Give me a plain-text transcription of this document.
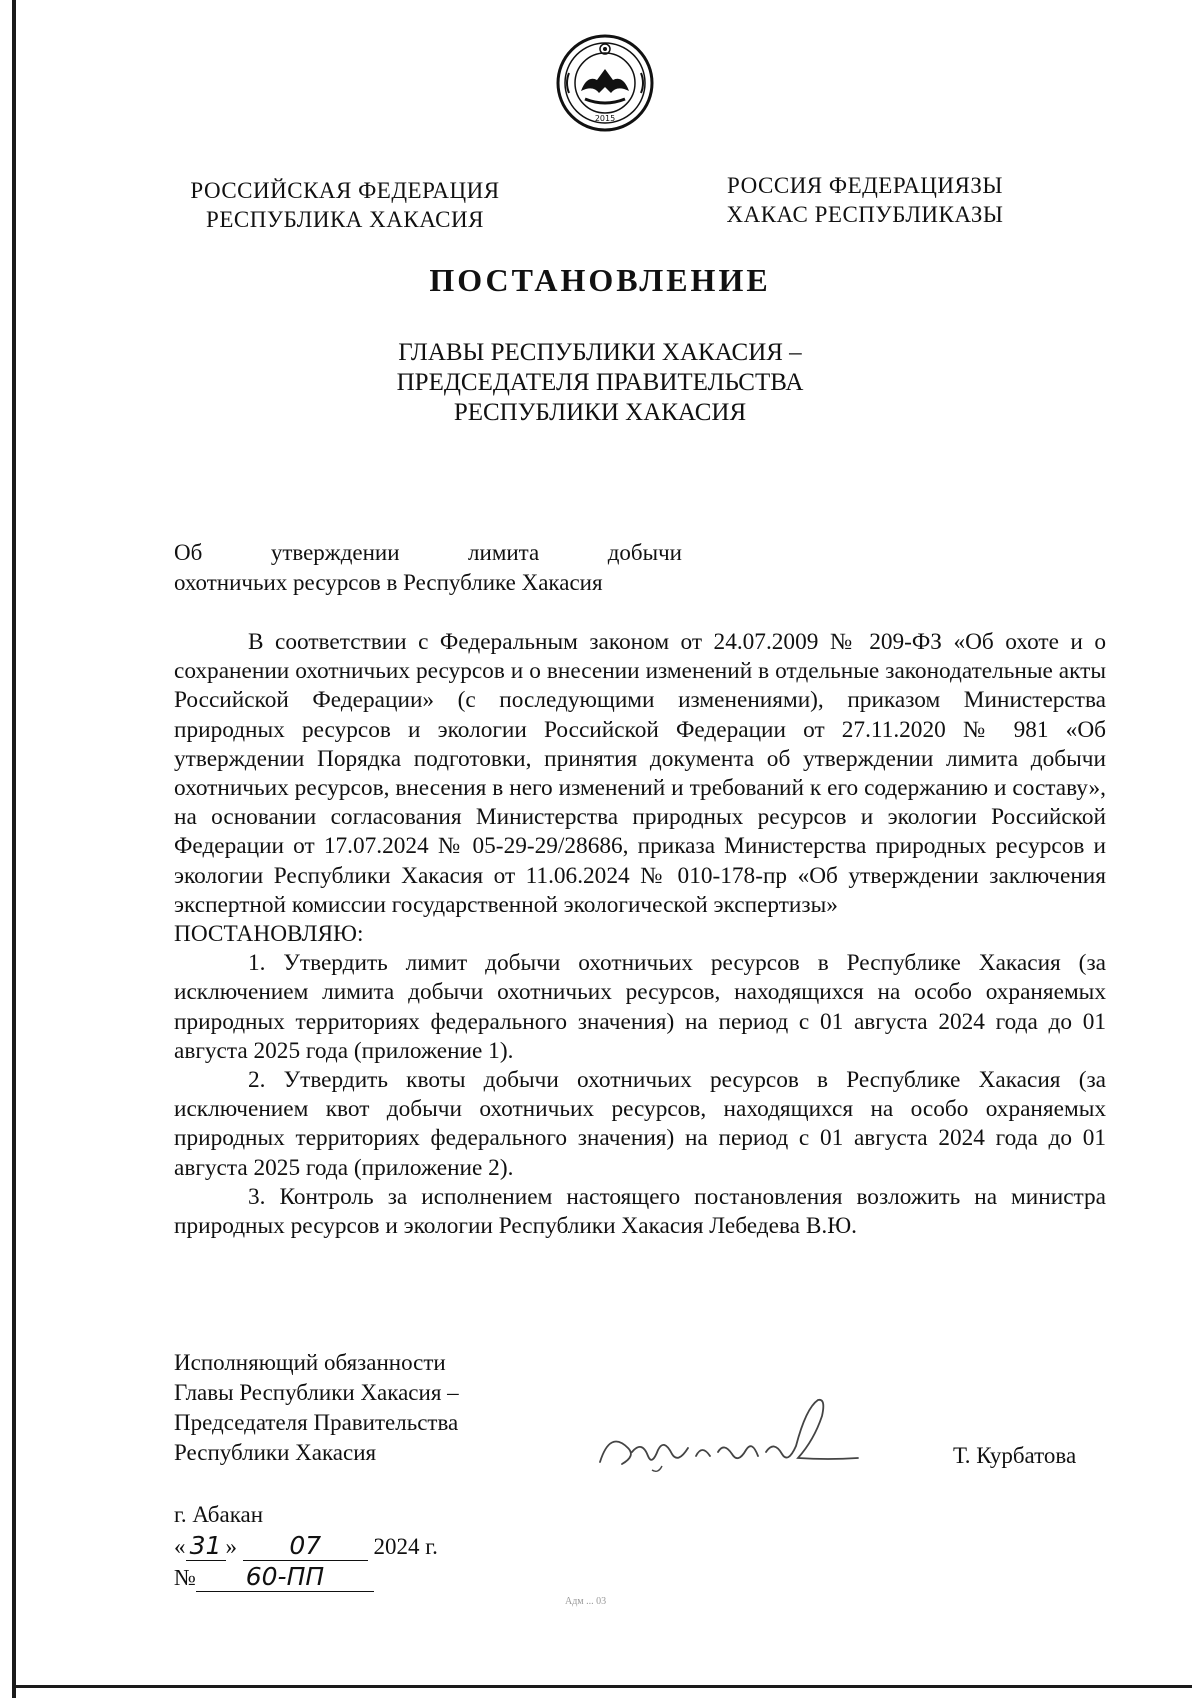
2015
РОССИЙСКАЯ ФЕДЕРАЦИЯ
РЕСПУБЛИКА ХАКАСИЯ
РОССИЯ ФЕДЕРАЦИЯЗЫ
ХАКАС РЕСПУБЛИКАЗЫ
ПОСТАНОВЛЕНИЕ
ГЛАВЫ РЕСПУБЛИКИ ХАКАСИЯ –
ПРЕДСЕДАТЕЛЯ ПРАВИТЕЛЬСТВА
РЕСПУБЛИКИ ХАКАСИЯ
Об	утверждении	лимита	добычи
охотничьих ресурсов в Республике Хакасия

В соответствии с Федеральным законом от 24.07.2009 № 209-ФЗ «Об охоте и о сохранении охотничьих ресурсов и о внесении изменений в отдельные законодательные акты Российской Федерации» (с последующими изменениями), приказом Министерства природных ресурсов и экологии Российской Федерации от 27.11.2020 № 981 «Об утверждении Порядка подготовки, принятия документа об утверждении лимита добычи охотничьих ресурсов, внесения в него изменений и требований к его содержанию и составу», на основании согласования Министерства природных ресурсов и экологии Российской Федерации от 17.07.2024 № 05-29-29/28686, приказа Министерства природных ресурсов и экологии Республики Хакасия от 11.06.2024 № 010-178-пр «Об утверждении заключения экспертной комиссии государственной экологической экспертизы»

ПОСТАНОВЛЯЮ:

1. Утвердить лимит добычи охотничьих ресурсов в Республике Хакасия (за исключением лимита добычи охотничьих ресурсов, находящихся на особо охраняемых природных территориях федерального значения) на период с 01 августа 2024 года до 01 августа 2025 года (приложение 1).

2. Утвердить квоты добычи охотничьих ресурсов в Республике Хакасия (за исключением квот добычи охотничьих ресурсов, находящихся на особо охраняемых природных территориях федерального значения) на период с 01 августа 2024 года до 01 августа 2025 года (приложение 2).

3. Контроль за исполнением настоящего постановления возложить на министра природных ресурсов и экологии Республики Хакасия Лебедева В.Ю.

Исполняющий обязанности
Главы Республики Хакасия –
Председателя Правительства
Республики Хакасия	Т. Курбатова
г. Абакан
« 31 » 07 2024 г.
№ 60-ПП
Адм ... 03
